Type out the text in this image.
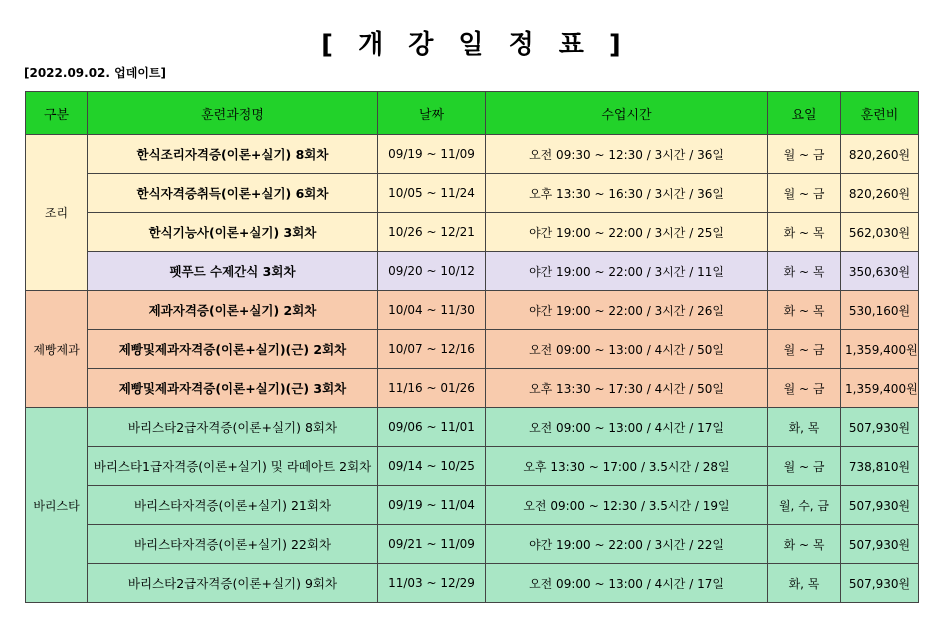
[ 개 강 일 정 표 ]
[2022.09.02. 업데이트]
구분	훈련과정명	날짜	수업시간	요일	훈련비
조리	한식조리자격증(이론+실기) 8회차	09/19 ~ 11/09	오전 09:30 ~ 12:30 / 3시간 / 36일	월 ~ 금	820,260원
	한식자격증취득(이론+실기) 6회차	10/05 ~ 11/24	오후 13:30 ~ 16:30 / 3시간 / 36일	월 ~ 금	820,260원
	한식기능사(이론+실기) 3회차	10/26 ~ 12/21	야간 19:00 ~ 22:00 / 3시간 / 25일	화 ~ 목	562,030원
	펫푸드 수제간식 3회차	09/20 ~ 10/12	야간 19:00 ~ 22:00 / 3시간 / 11일	화 ~ 목	350,630원
제빵제과	제과자격증(이론+실기) 2회차	10/04 ~ 11/30	야간 19:00 ~ 22:00 / 3시간 / 26일	화 ~ 목	530,160원
	제빵및제과자격증(이론+실기)(근) 2회차	10/07 ~ 12/16	오전 09:00 ~ 13:00 / 4시간 / 50일	월 ~ 금	1,359,400원
	제빵및제과자격증(이론+실기)(근) 3회차	11/16 ~ 01/26	오후 13:30 ~ 17:30 / 4시간 / 50일	월 ~ 금	1,359,400원
바리스타	바리스타2급자격증(이론+실기) 8회차	09/06 ~ 11/01	오전 09:00 ~ 13:00 / 4시간 / 17일	화, 목	507,930원
	바리스타1급자격증(이론+실기) 및 라떼아트 2회차	09/14 ~ 10/25	오후 13:30 ~ 17:00 / 3.5시간 / 28일	월 ~ 금	738,810원
	바리스타자격증(이론+실기) 21회차	09/19 ~ 11/04	오전 09:00 ~ 12:30 / 3.5시간 / 19일	월, 수, 금	507,930원
	바리스타자격증(이론+실기) 22회차	09/21 ~ 11/09	야간 19:00 ~ 22:00 / 3시간 / 22일	화 ~ 목	507,930원
	바리스타2급자격증(이론+실기) 9회차	11/03 ~ 12/29	오전 09:00 ~ 13:00 / 4시간 / 17일	화, 목	507,930원
